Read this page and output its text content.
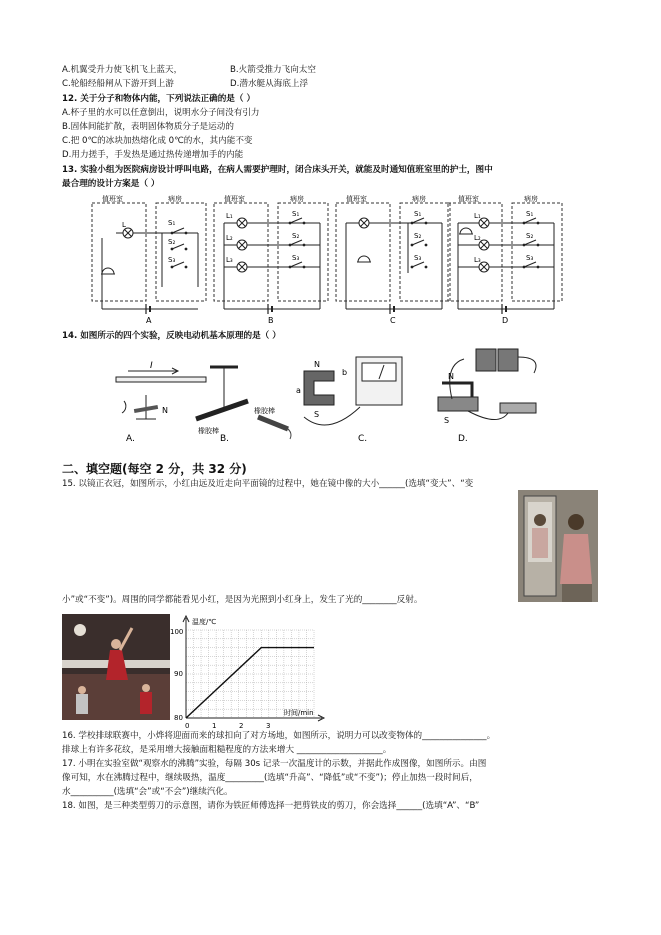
A.机翼受升力使飞机飞上蓝天，	B.火箭受推力飞向太空
C.轮船经船闸从下游开到上游	D.潜水艇从海底上浮
12. 关于分子和物体内能，下列说法正确的是（ ）
A.杯子里的水可以任意倒出，说明水分子间没有引力
B.固体间能扩散，表明固体物质分子是运动的
C.把 0℃的冰块加热熔化成 0℃的水，其内能不变
D.用力搓手，手发热是通过热传递增加手的内能
13. 实验小组为医院病房设计呼叫电路，在病人需要护理时，闭合床头开关，就能及时通知值班室里的护士，图中
最合理的设计方案是（ ）
值班室	病房
L	S₁
S₂
S₃
A
值班室	病房
L₁
L₂
L₃
S₁
S₂
S₃
B
值班室	病房
S₁
S₂
S₃
C
值班室	病房
L₁
L₂
L₃
S₁
S₂
S₃
D
14. 如图所示的四个实验，反映电动机基本原理的是（ ）
I
N
A.
橡胶棒
橡胶棒
B.
N
S
a
b
C.
N
S
D.
二、填空题(每空 2 分，共 32 分)
15. 以镜正衣冠，如图所示，小红由远及近走向平面镜的过程中，她在镜中像的大小______(选填“变大”、“变
小”或“不变”)。周围的同学都能看见小红，是因为光照到小红身上，发生了光的________反射。
温度/℃
时间/min
100
90
80
0	1	2	3
16. 学校排球联赛中，小烨将迎面而来的球扣向了对方场地，如图所示，说明力可以改变物体的_______________。
排球上有许多花纹，是采用增大接触面粗糙程度的方法来增大 ____________________。
17. 小明在实验室做“观察水的沸腾”实验，每隔 30s 记录一次温度计的示数，并据此作成图像，如图所示。由图
像可知，水在沸腾过程中，继续吸热，温度_________(选填“升高”、“降低”或“不变”)；停止加热一段时间后，
水__________(选填“会”或“不会”)继续汽化。
18. 如图，是三种类型剪刀的示意图，请你为铁匠师傅选择一把剪铁皮的剪刀，你会选择______(选填“A”、“B”
